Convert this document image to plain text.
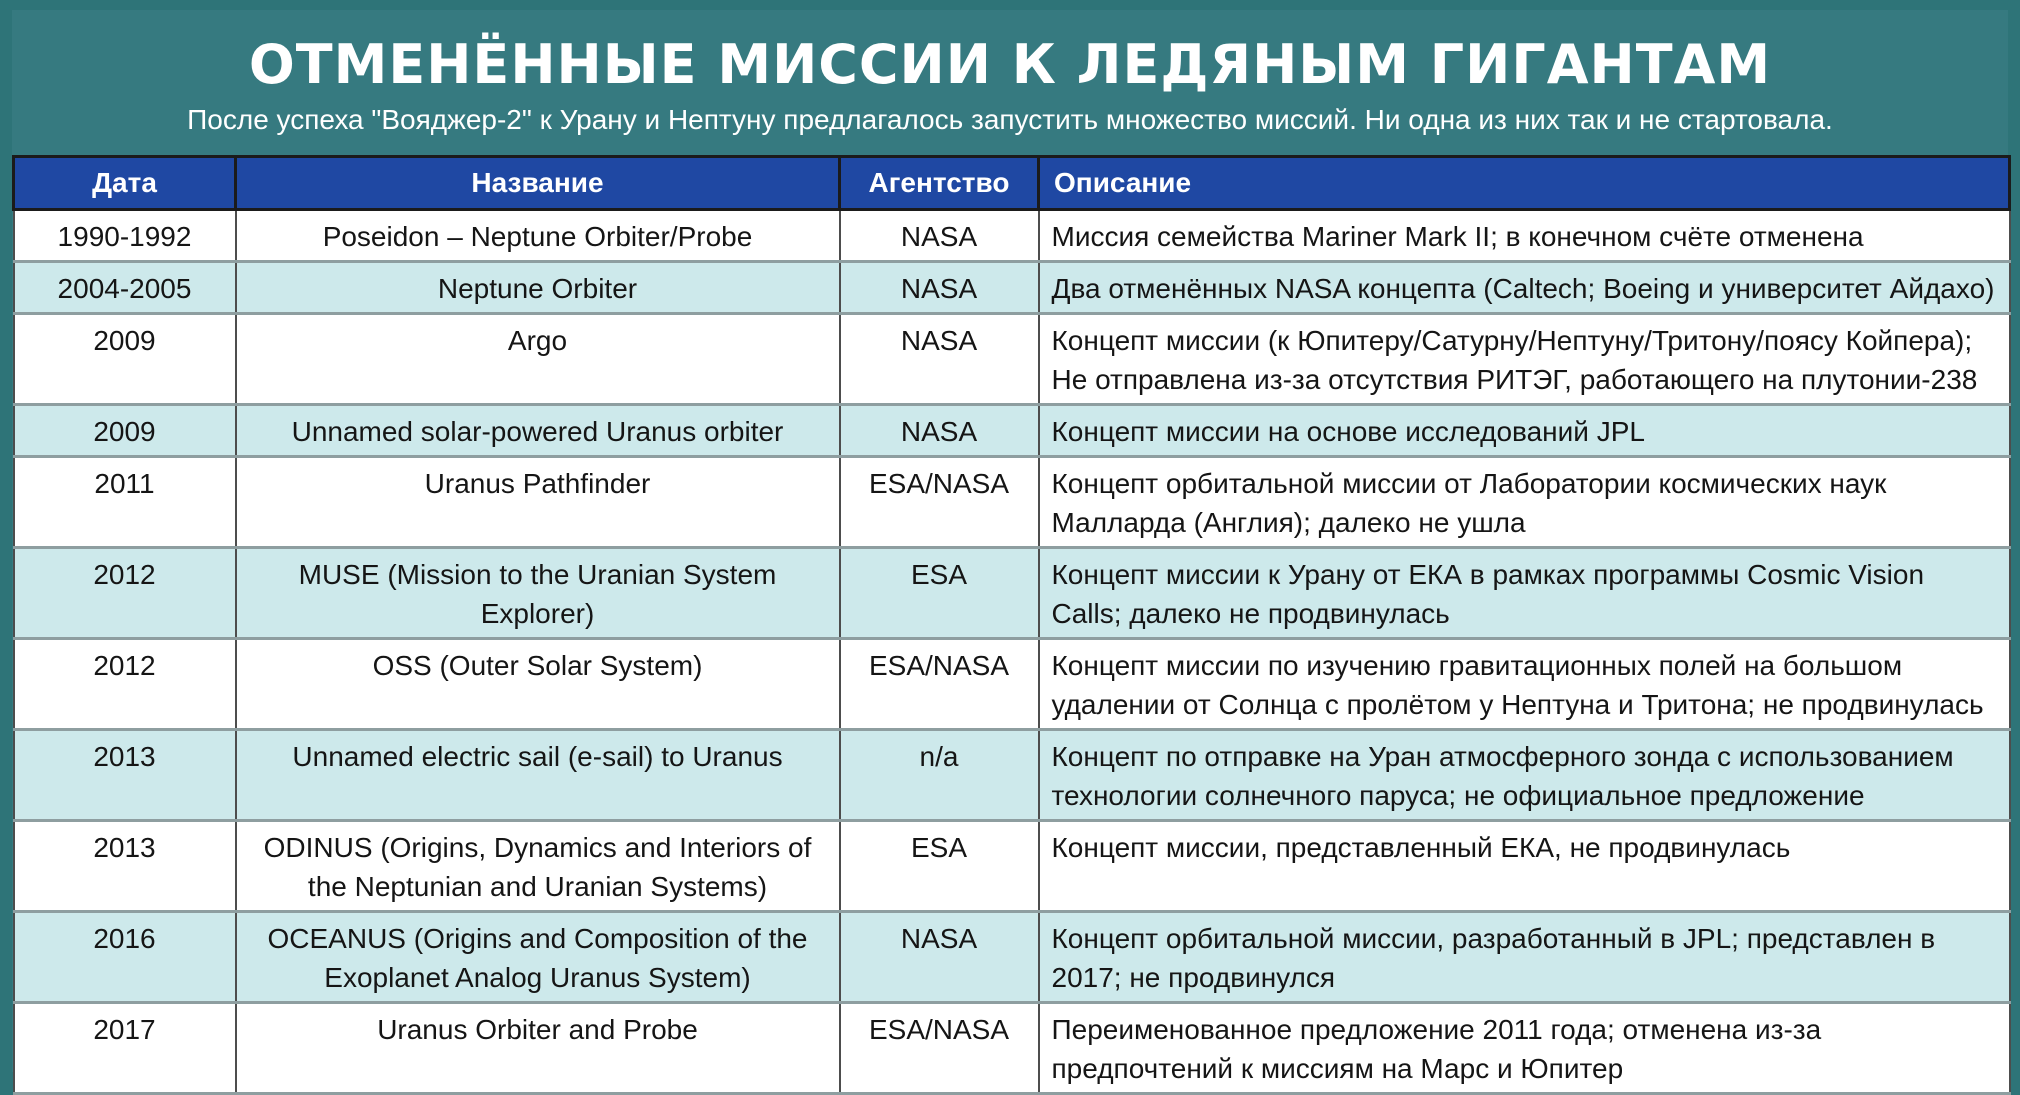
ОТМЕНЁННЫЕ МИССИИ К ЛЕДЯНЫМ ГИГАНТАМ
После успеха "Вояджер-2" к Урану и Нептуну предлагалось запустить множество миссий. Ни одна из них так и не стартовала.
Дата	Название	Агентство	Описание
1990-1992	Poseidon – Neptune Orbiter/Probe	NASA	Миссия семейства Mariner Mark II; в конечном счёте отменена
2004-2005	Neptune Orbiter	NASA	Два отменённых NASA концепта (Caltech; Boeing и университет Айдахо)
2009	Argo	NASA	Концепт миссии (к Юпитеру/Сатурну/Нептуну/Тритону/поясу Койпера); Не отправлена из-за отсутствия РИТЭГ, работающего на плутонии-238
2009	Unnamed solar-powered Uranus orbiter	NASA	Концепт миссии на основе исследований JPL
2011	Uranus Pathfinder	ESA/NASA	Концепт орбитальной миссии от Лаборатории космических наук Малларда (Англия); далеко не ушла
2012	MUSE (Mission to the Uranian System Explorer)	ESA	Концепт миссии к Урану от ЕКА в рамках программы Cosmic Vision Calls; далеко не продвинулась
2012	OSS (Outer Solar System)	ESA/NASA	Концепт миссии по изучению гравитационных полей на большом удалении от Солнца с пролётом у Нептуна и Тритона; не продвинулась
2013	Unnamed electric sail (e-sail) to Uranus	n/a	Концепт по отправке на Уран атмосферного зонда с использованием технологии солнечного паруса; не официальное предложение
2013	ODINUS (Origins, Dynamics and Interiors of the Neptunian and Uranian Systems)	ESA	Концепт миссии, представленный ЕКА, не продвинулась
2016	OCEANUS (Origins and Composition of the Exoplanet Analog Uranus System)	NASA	Концепт орбитальной миссии, разработанный в JPL; представлен в 2017; не продвинулся
2017	Uranus Orbiter and Probe	ESA/NASA	Переименованное предложение 2011 года; отменена из-за предпочтений к миссиям на Марс и Юпитер
